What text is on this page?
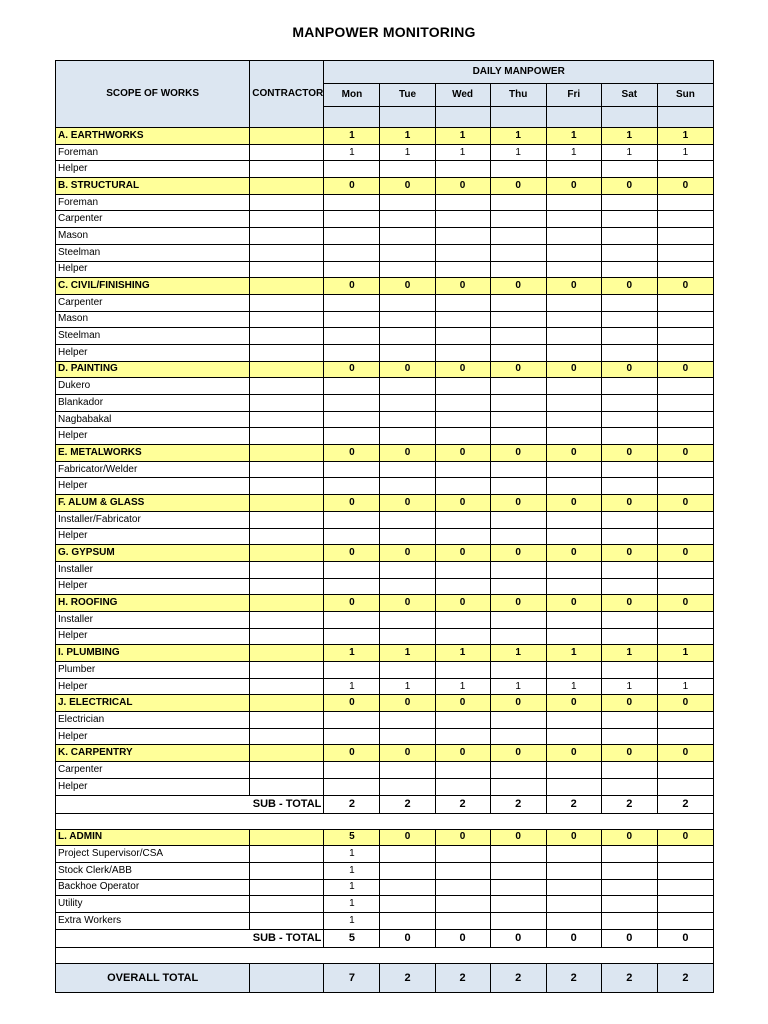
MANPOWER MONITORING
SCOPE OF WORKS	CONTRACTOR	DAILY MANPOWER						
		Mon	Tue	Wed	Thu	Fri	Sat	Sun

A. EARTHWORKS		1	1	1	1	1	1	1
Foreman		1	1	1	1	1	1	1
Helper								
B. STRUCTURAL		0	0	0	0	0	0	0
Foreman								
Carpenter								
Mason								
Steelman								
Helper								
C. CIVIL/FINISHING		0	0	0	0	0	0	0
Carpenter								
Mason								
Steelman								
Helper								
D. PAINTING		0	0	0	0	0	0	0
Dukero								
Blankador								
Nagbabakal								
Helper								
E. METALWORKS		0	0	0	0	0	0	0
Fabricator/Welder								
Helper								
F. ALUM & GLASS		0	0	0	0	0	0	0
Installer/Fabricator								
Helper								
G. GYPSUM		0	0	0	0	0	0	0
Installer								
Helper								
H. ROOFING		0	0	0	0	0	0	0
Installer								
Helper								
I. PLUMBING		1	1	1	1	1	1	1
Plumber								
Helper		1	1	1	1	1	1	1
J. ELECTRICAL		0	0	0	0	0	0	0
Electrician								
Helper								
K. CARPENTRY		0	0	0	0	0	0	0
Carpenter								
Helper								
SUB - TOTAL		2	2	2	2	2	2	2

L. ADMIN		5	0	0	0	0	0	0
Project Supervisor/CSA		1						
Stock Clerk/ABB		1						
Backhoe Operator		1						
Utility		1						
Extra Workers		1						
SUB - TOTAL		5	0	0	0	0	0	0

OVERALL TOTAL		7	2	2	2	2	2	2
